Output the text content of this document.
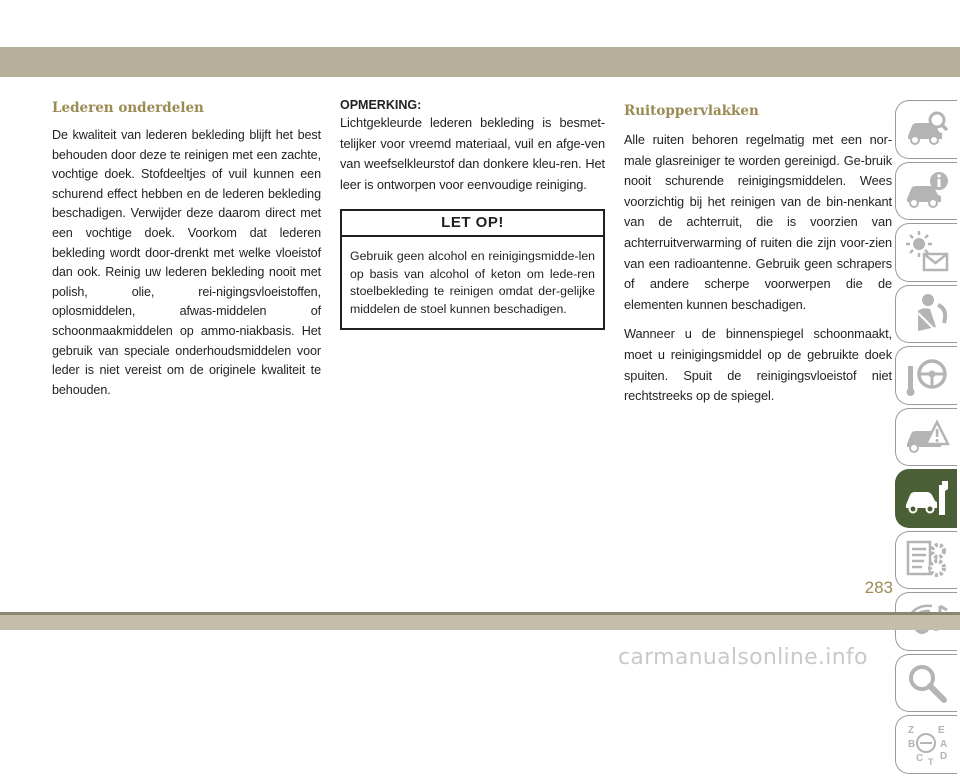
Lederen onderdelen

De kwaliteit van lederen bekleding blijft het best behouden door deze te reinigen met een zachte, vochtige doek. Stofdeeltjes of vuil kunnen een schurend effect hebben en de lederen bekleding beschadigen. Verwijder deze daarom direct met een vochtige doek. Voorkom dat lederen bekleding wordt door-drenkt met welke vloeistof dan ook. Reinig uw lederen bekleding nooit met polish, olie, rei-nigingsvloeistoffen, oplosmiddelen, afwas-middelen of schoonmaakmiddelen op ammo-niakbasis. Het gebruik van speciale onderhoudsmiddelen voor leder is niet vereist om de originele kwaliteit te behouden.

OPMERKING:

Lichtgekleurde lederen bekleding is besmet-telijker voor vreemd materiaal, vuil en afge-ven van weefselkleurstof dan donkere kleu-ren. Het leer is ontworpen voor eenvoudige reiniging.

LET OP!

Gebruik geen alcohol en reinigingsmidde-len op basis van alcohol of keton om lede-ren stoelbekleding te reinigen omdat der-gelijke middelen de stoel kunnen beschadigen.

Ruitoppervlakken

Alle ruiten behoren regelmatig met een nor-male glasreiniger te worden gereinigd. Ge-bruik nooit schurende reinigingsmiddelen. Wees voorzichtig bij het reinigen van de bin-nenkant van de achterruit, die is voorzien van achterruitverwarming of ruiten die zijn voor-zien van een radioantenne. Gebruik geen schrapers of andere scherpe voorwerpen die de elementen kunnen beschadigen.

Wanneer u de binnenspiegel schoonmaakt, moet u reinigingsmiddel op de gebruikte doek spuiten. Spuit de reinigingsvloeistof niet rechtstreeks op de spiegel.

Z E
B A
C D
T
283
carmanualsonline.info
